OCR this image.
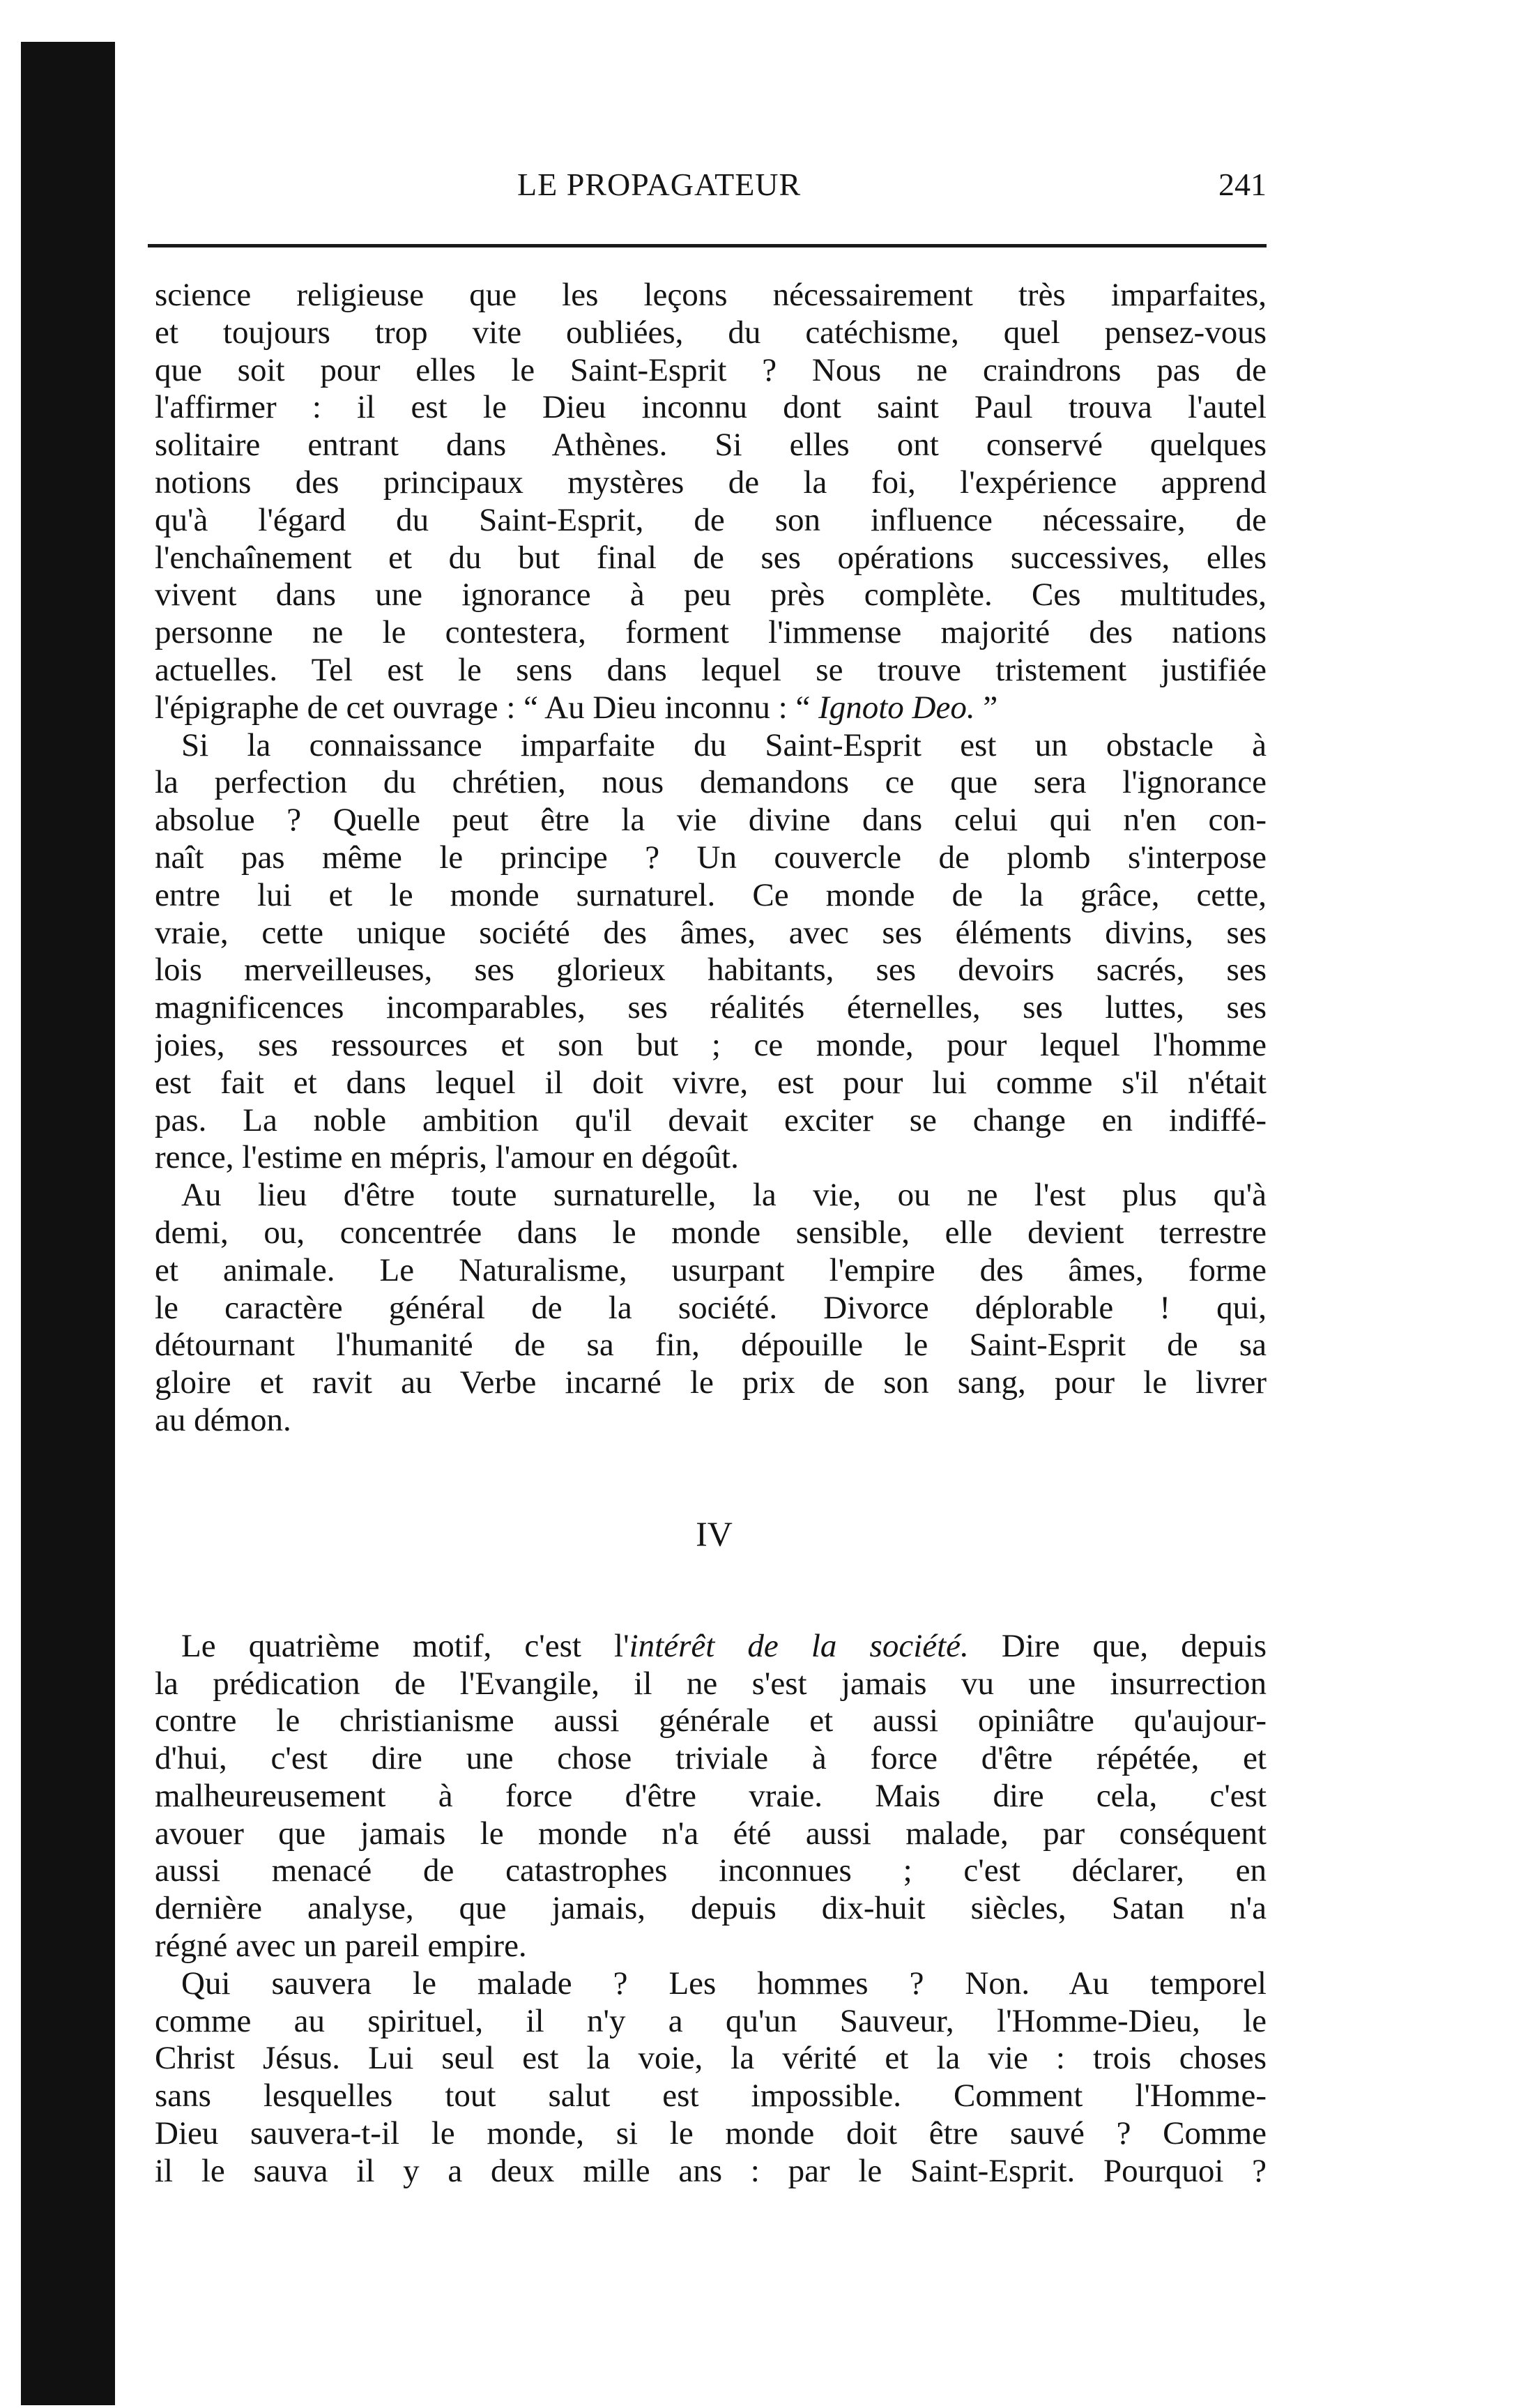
LE PROPAGATEUR	241
science religieuse que les leçons nécessairement très imparfaites,
et toujours trop vite oubliées, du catéchisme, quel pensez-vous
que soit pour elles le Saint-Esprit ? Nous ne craindrons pas de
l'affirmer : il est le Dieu inconnu dont saint Paul trouva l'autel
solitaire entrant dans Athènes. Si elles ont conservé quelques
notions des principaux mystères de la foi, l'expérience apprend
qu'à l'égard du Saint-Esprit, de son influence nécessaire, de
l'enchaînement et du but final de ses opérations successives, elles
vivent dans une ignorance à peu près complète. Ces multitudes,
personne ne le contestera, forment l'immense majorité des nations
actuelles. Tel est le sens dans lequel se trouve tristement justifiée
l'épigraphe de cet ouvrage : “ Au Dieu inconnu : “ Ignoto Deo. ”
Si la connaissance imparfaite du Saint-Esprit est un obstacle à
la perfection du chrétien, nous demandons ce que sera l'ignorance
absolue ? Quelle peut être la vie divine dans celui qui n'en con-
naît pas même le principe ? Un couvercle de plomb s'interpose
entre lui et le monde surnaturel. Ce monde de la grâce, cette,
vraie, cette unique société des âmes, avec ses éléments divins, ses
lois merveilleuses, ses glorieux habitants, ses devoirs sacrés, ses
magnificences incomparables, ses réalités éternelles, ses luttes, ses
joies, ses ressources et son but ; ce monde, pour lequel l'homme
est fait et dans lequel il doit vivre, est pour lui comme s'il n'était
pas. La noble ambition qu'il devait exciter se change en indiffé-
rence, l'estime en mépris, l'amour en dégoût.
Au lieu d'être toute surnaturelle, la vie, ou ne l'est plus qu'à
demi, ou, concentrée dans le monde sensible, elle devient terrestre
et animale. Le Naturalisme, usurpant l'empire des âmes, forme
le caractère général de la société. Divorce déplorable ! qui,
détournant l'humanité de sa fin, dépouille le Saint-Esprit de sa
gloire et ravit au Verbe incarné le prix de son sang, pour le livrer
au démon.
IV
Le quatrième motif, c'est l'intérêt de la société. Dire que, depuis
la prédication de l'Evangile, il ne s'est jamais vu une insurrection
contre le christianisme aussi générale et aussi opiniâtre qu'aujour-
d'hui, c'est dire une chose triviale à force d'être répétée, et
malheureusement à force d'être vraie. Mais dire cela, c'est
avouer que jamais le monde n'a été aussi malade, par conséquent
aussi menacé de catastrophes inconnues ; c'est déclarer, en
dernière analyse, que jamais, depuis dix-huit siècles, Satan n'a
régné avec un pareil empire.
Qui sauvera le malade ? Les hommes ? Non. Au temporel
comme au spirituel, il n'y a qu'un Sauveur, l'Homme-Dieu, le
Christ Jésus. Lui seul est la voie, la vérité et la vie : trois choses
sans lesquelles tout salut est impossible. Comment l'Homme-
Dieu sauvera-t-il le monde, si le monde doit être sauvé ? Comme
il le sauva il y a deux mille ans : par le Saint-Esprit. Pourquoi ?
